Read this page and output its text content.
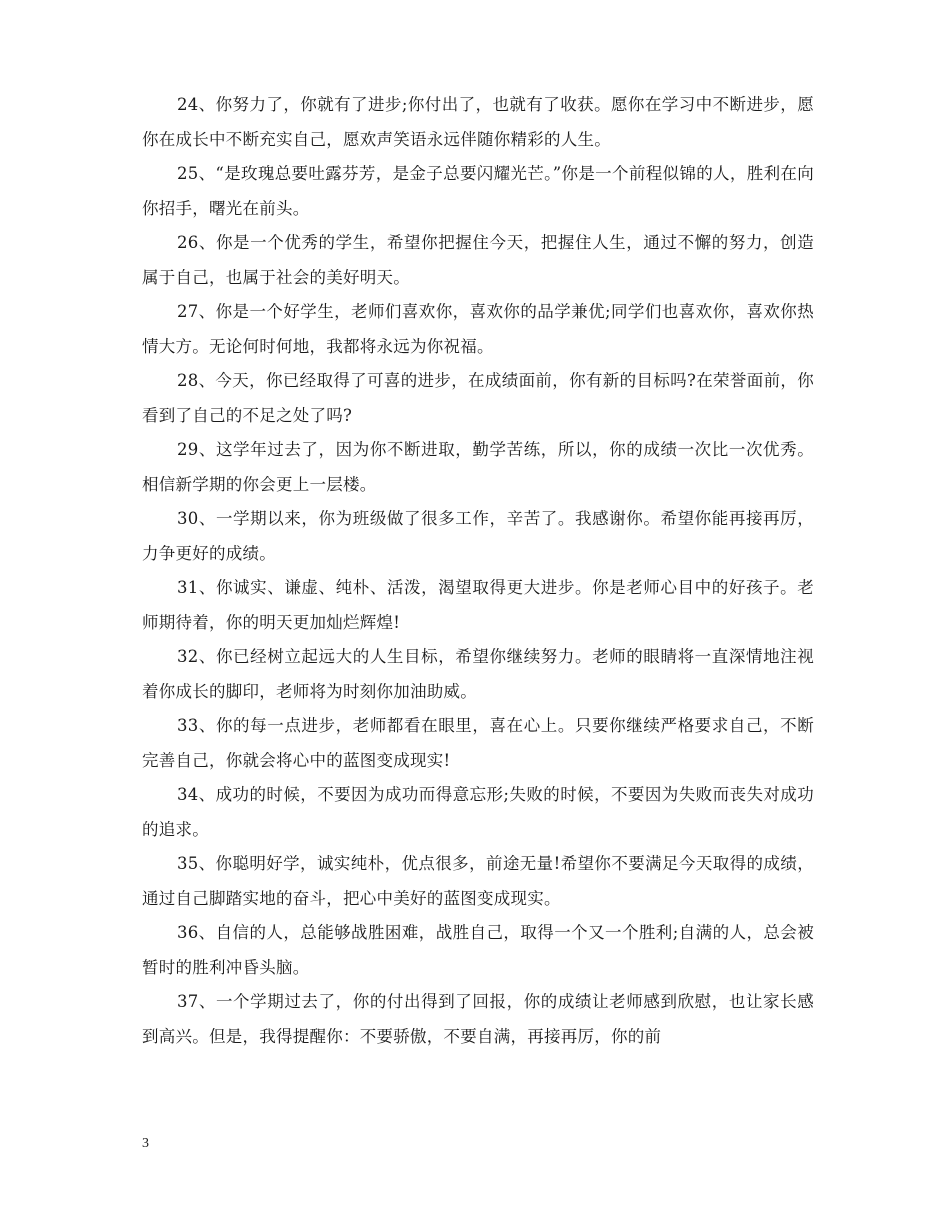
24、你努力了，你就有了进步;你付出了，也就有了收获。愿你在学习中不断进步，愿你在成长中不断充实自己，愿欢声笑语永远伴随你精彩的人生。

25、“是玫瑰总要吐露芬芳，是金子总要闪耀光芒。”你是一个前程似锦的人，胜利在向你招手，曙光在前头。

26、你是一个优秀的学生，希望你把握住今天，把握住人生，通过不懈的努力，创造属于自己，也属于社会的美好明天。

27、你是一个好学生，老师们喜欢你，喜欢你的品学兼优;同学们也喜欢你，喜欢你热情大方。无论何时何地，我都将永远为你祝福。

28、今天，你已经取得了可喜的进步，在成绩面前，你有新的目标吗?在荣誉面前，你看到了自己的不足之处了吗?

29、这学年过去了，因为你不断进取，勤学苦练，所以，你的成绩一次比一次优秀。相信新学期的你会更上一层楼。

30、一学期以来，你为班级做了很多工作，辛苦了。我感谢你。希望你能再接再厉，力争更好的成绩。

31、你诚实、谦虚、纯朴、活泼，渴望取得更大进步。你是老师心目中的好孩子。老师期待着，你的明天更加灿烂辉煌!

32、你已经树立起远大的人生目标，希望你继续努力。老师的眼睛将一直深情地注视着你成长的脚印，老师将为时刻你加油助威。

33、你的每一点进步，老师都看在眼里，喜在心上。只要你继续严格要求自己，不断完善自己，你就会将心中的蓝图变成现实!

34、成功的时候，不要因为成功而得意忘形;失败的时候，不要因为失败而丧失对成功的追求。

35、你聪明好学，诚实纯朴，优点很多，前途无量!希望你不要满足今天取得的成绩，通过自己脚踏实地的奋斗，把心中美好的蓝图变成现实。

36、自信的人，总能够战胜困难，战胜自己，取得一个又一个胜利;自满的人，总会被暂时的胜利冲昏头脑。

37、一个学期过去了，你的付出得到了回报，你的成绩让老师感到欣慰，也让家长感到高兴。但是，我得提醒你：不要骄傲，不要自满，再接再厉，你的前

3
